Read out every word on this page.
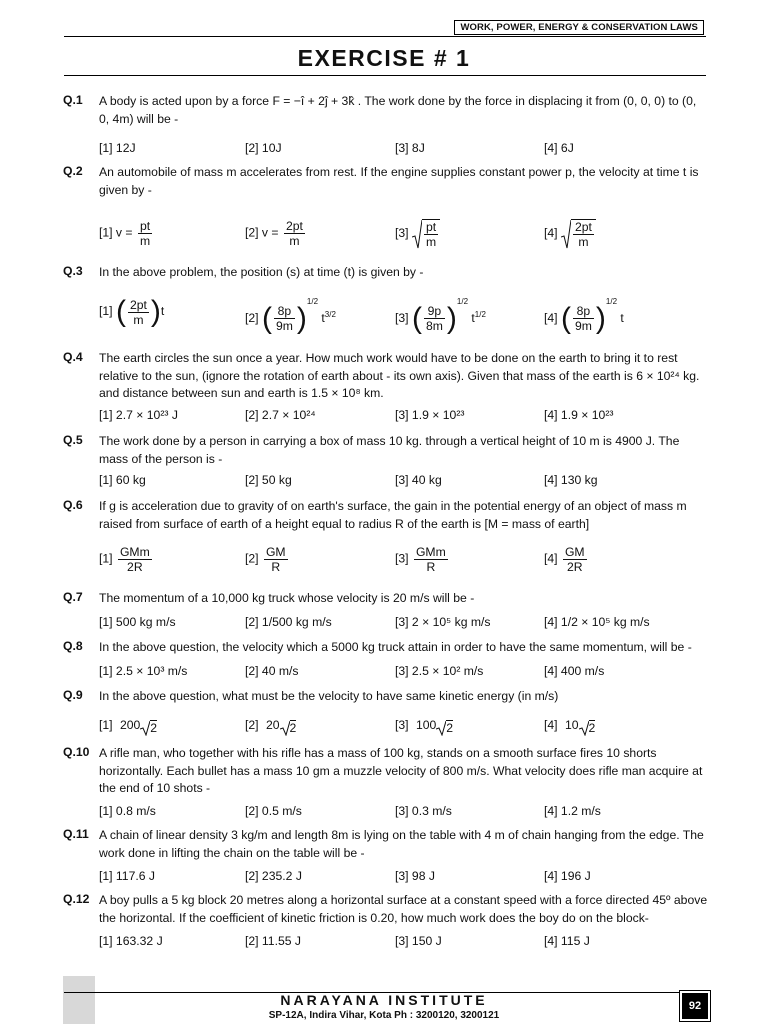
WORK, POWER, ENERGY & CONSERVATION LAWS
EXERCISE # 1
Q.1 A body is acted upon by a force F = −î + 2ĵ + 3k̂ . The work done by the force in displacing it from (0, 0, 0) to (0, 0, 4m) will be -
[1] 12J	[2] 10J	[3] 8J	[4] 6J
Q.2 An automobile of mass m accelerates from rest. If the engine supplies constant power p, the velocity at time t is given by -
[1] $v = \frac{pt}{m}$	[2] $v = \frac{2pt}{m}$	$[3] \frac{pt}{m}$	$[4] \frac{2pt}{m}$
Q.3 In the above problem, the position (s) at time (t) is given by -
[1] ( $\frac{2pt}{m} )t$	[2] ( $\frac{8p}{9m} )^{1/2}$ $t^{3/2}$	[3] ( $\frac{9p}{8m} )^{1/2}$ $t^{1/2}$	[4] ( $\frac{8p}{9m} )^{1/2}$ t
Q.4 The earth circles the sun once a year. How much work would have to be done on the earth to bring it to rest relative to the sun, (ignore the rotation of earth about - its own axis). Given that mass of the earth is 6 × 10²⁴ kg. and distance between sun and earth is 1.5 × 10⁸ km.
[1] 2.7 × 10²³ J	[2] 2.7 × 10²⁴	[3] 1.9 × 10²³	[4] 1.9 × 10²³
Q.5 The work done by a person in carrying a box of mass 10 kg. through a vertical height of 10 m is 4900 J. The mass of the person is -
[1] 60 kg	[2] 50 kg	[3] 40 kg	[4] 130 kg
Q.6 If g is acceleration due to gravity of on earth's surface, the gain in the potential energy of an object of mass m raised from surface of earth of a height equal to radius R of the earth is [M = mass of earth]
$[1] \frac{\text{GMm}}{2R}$	$[2] \frac{GM}{R}$	$[3] \frac{\text{GMm}}{R}$	$[4] \frac{GM}{2R}$
Q.7 The momentum of a 10,000 kg truck whose velocity is 20 m/s will be -
[1] 500 kg m/s	[2] 1/500 kg m/s	[3] 2 × 10⁵ kg m/s	[4] 1/2 × 10⁵ kg m/s
Q.8 In the above question, the velocity which a 5000 kg truck attain in order to have the same momentum, will be -
[1] 2.5 × 10³ m/s	[2] 40 m/s	[3] 2.5 × 10² m/s	[4] 400 m/s
Q.9 In the above question, what must be the velocity to have same kinetic energy (in m/s)
[1] 200 2	[2] 20 2	[3] 100 2	[4] 10 2
Q.10 A rifle man, who together with his rifle has a mass of 100 kg, stands on a smooth surface fires 10 shorts horizontally. Each bullet has a mass 10 gm a muzzle velocity of 800 m/s. What velocity does rifle man acquire at the end of 10 shots -
[1] 0.8 m/s	[2] 0.5 m/s	[3] 0.3 m/s	[4] 1.2 m/s
Q.11 A chain of linear density 3 kg/m and length 8m is lying on the table with 4 m of chain hanging from the edge. The work done in lifting the chain on the table will be -
[1] 117.6 J	[2] 235.2 J	[3] 98 J	[4] 196 J
Q.12 A boy pulls a 5 kg block 20 metres along a horizontal surface at a constant speed with a force directed 45º above the horizontal. If the coefficient of kinetic friction is 0.20, how much work does the boy do on the block-
[1] 163.32 J	[2] 11.55 J	[3] 150 J	[4] 115 J
NARAYANA INSTITUTE
SP-12A, Indira Vihar, Kota Ph : 3200120, 3200121
92
